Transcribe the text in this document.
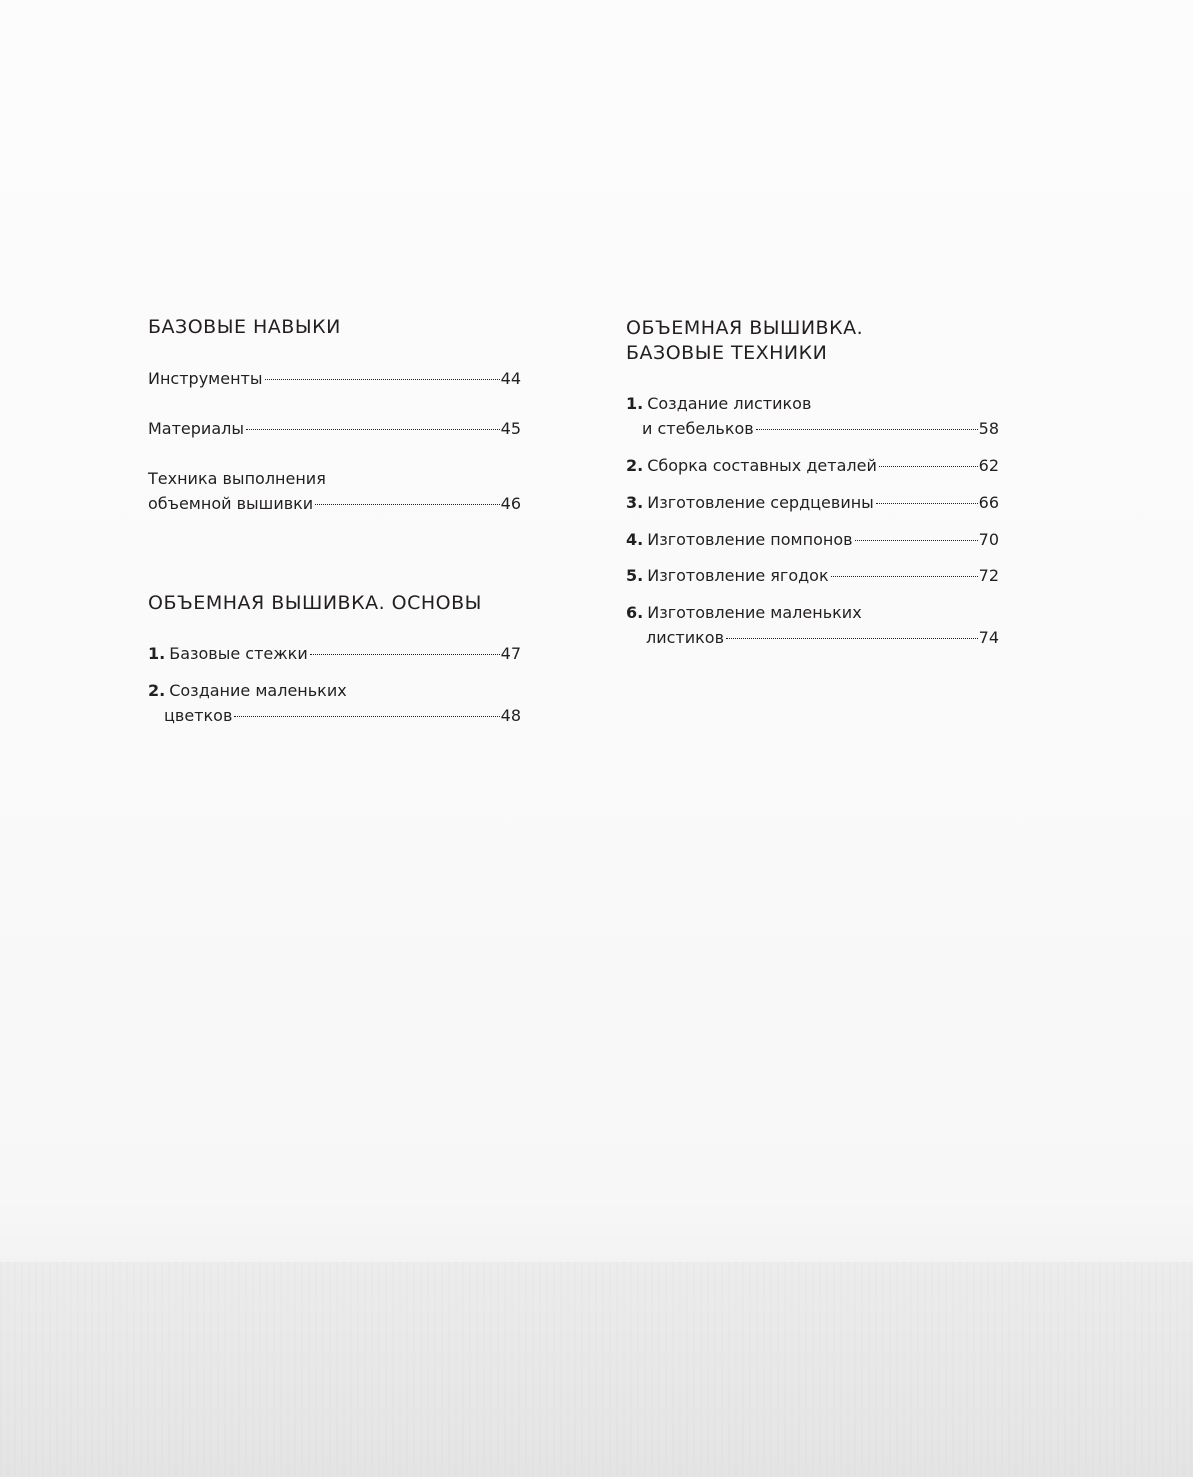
БАЗОВЫЕ НАВЫКИ
Инструменты	44
Материалы	45
Техника выполнения
объемной вышивки	46
ОБЪЕМНАЯ ВЫШИВКА. ОСНОВЫ
1. Базовые стежки	47
2. Создание маленьких
цветков	48
ОБЪЕМНАЯ ВЫШИВКА.
БАЗОВЫЕ ТЕХНИКИ
1. Создание листиков
и стебельков	58
2. Сборка составных деталей	62
3. Изготовление сердцевины	66
4. Изготовление помпонов	70
5. Изготовление ягодок	72
6. Изготовление маленьких
листиков	74
